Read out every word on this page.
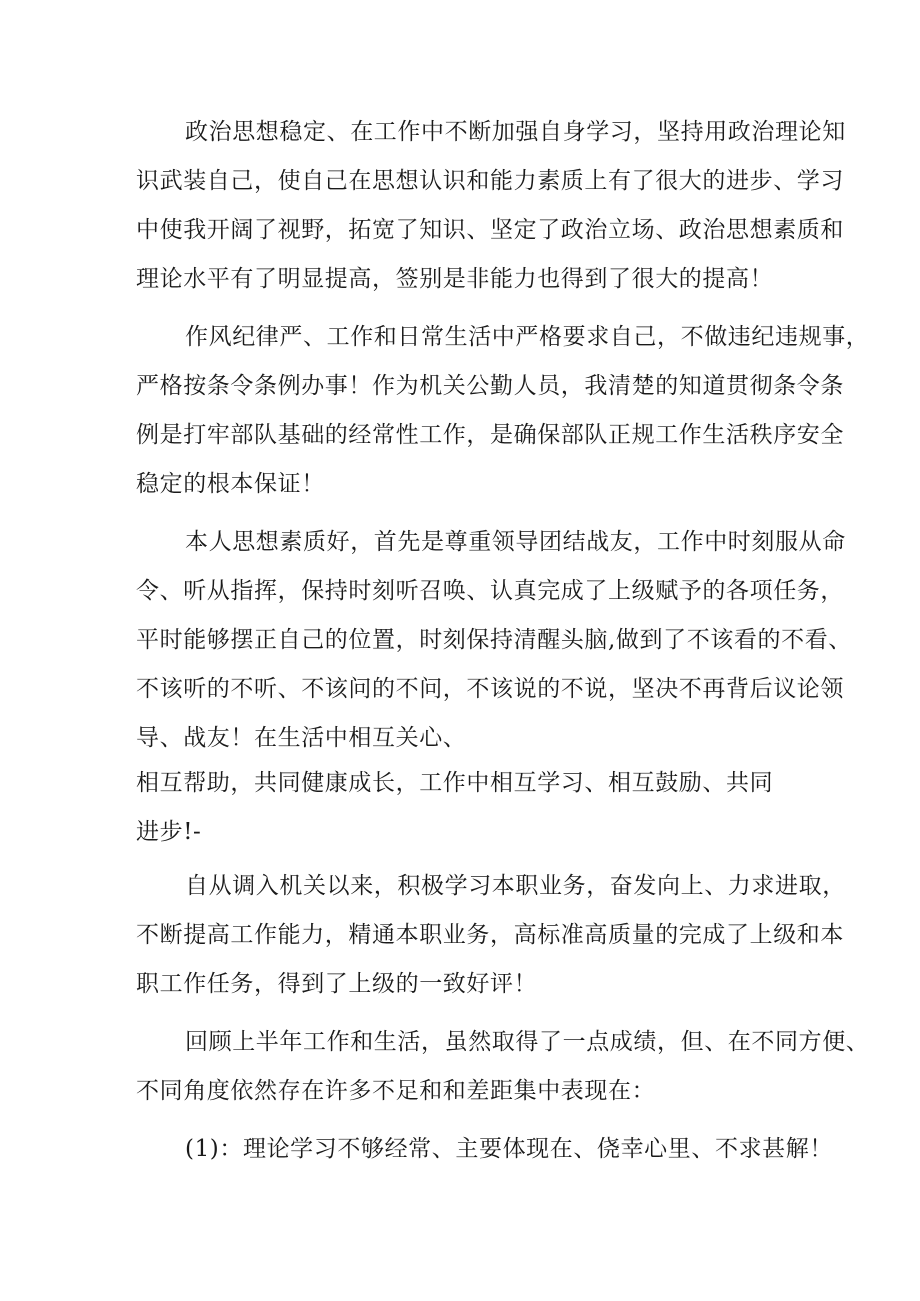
政治思想稳定、在工作中不断加强自身学习，坚持用政治理论知

识武装自己，使自己在思想认识和能力素质上有了很大的进步、学习

中使我开阔了视野，拓宽了知识、坚定了政治立场、政治思想素质和

理论水平有了明显提高，签别是非能力也得到了很大的提高！

作风纪律严、工作和日常生活中严格要求自己，不做违纪违规事，

严格按条令条例办事！作为机关公勤人员，我清楚的知道贯彻条令条

例是打牢部队基础的经常性工作，是确保部队正规工作生活秩序安全

稳定的根本保证！

本人思想素质好，首先是尊重领导团结战友，工作中时刻服从命

令、听从指挥，保持时刻听召唤、认真完成了上级赋予的各项任务，

平时能够摆正自己的位置，时刻保持清醒头脑,做到了不该看的不看、

不该听的不听、不该问的不问，不该说的不说，坚决不再背后议论领

导、战友！在生活中相互关心、

相互帮助，共同健康成长，工作中相互学习、相互鼓励、共同

进步!-

自从调入机关以来，积极学习本职业务，奋发向上、力求进取，

不断提高工作能力，精通本职业务，高标准高质量的完成了上级和本

职工作任务，得到了上级的一致好评！

回顾上半年工作和生活，虽然取得了一点成绩，但、在不同方便、

不同角度依然存在许多不足和和差距集中表现在：

(1)：理论学习不够经常、主要体现在、侥幸心里、不求甚解！
